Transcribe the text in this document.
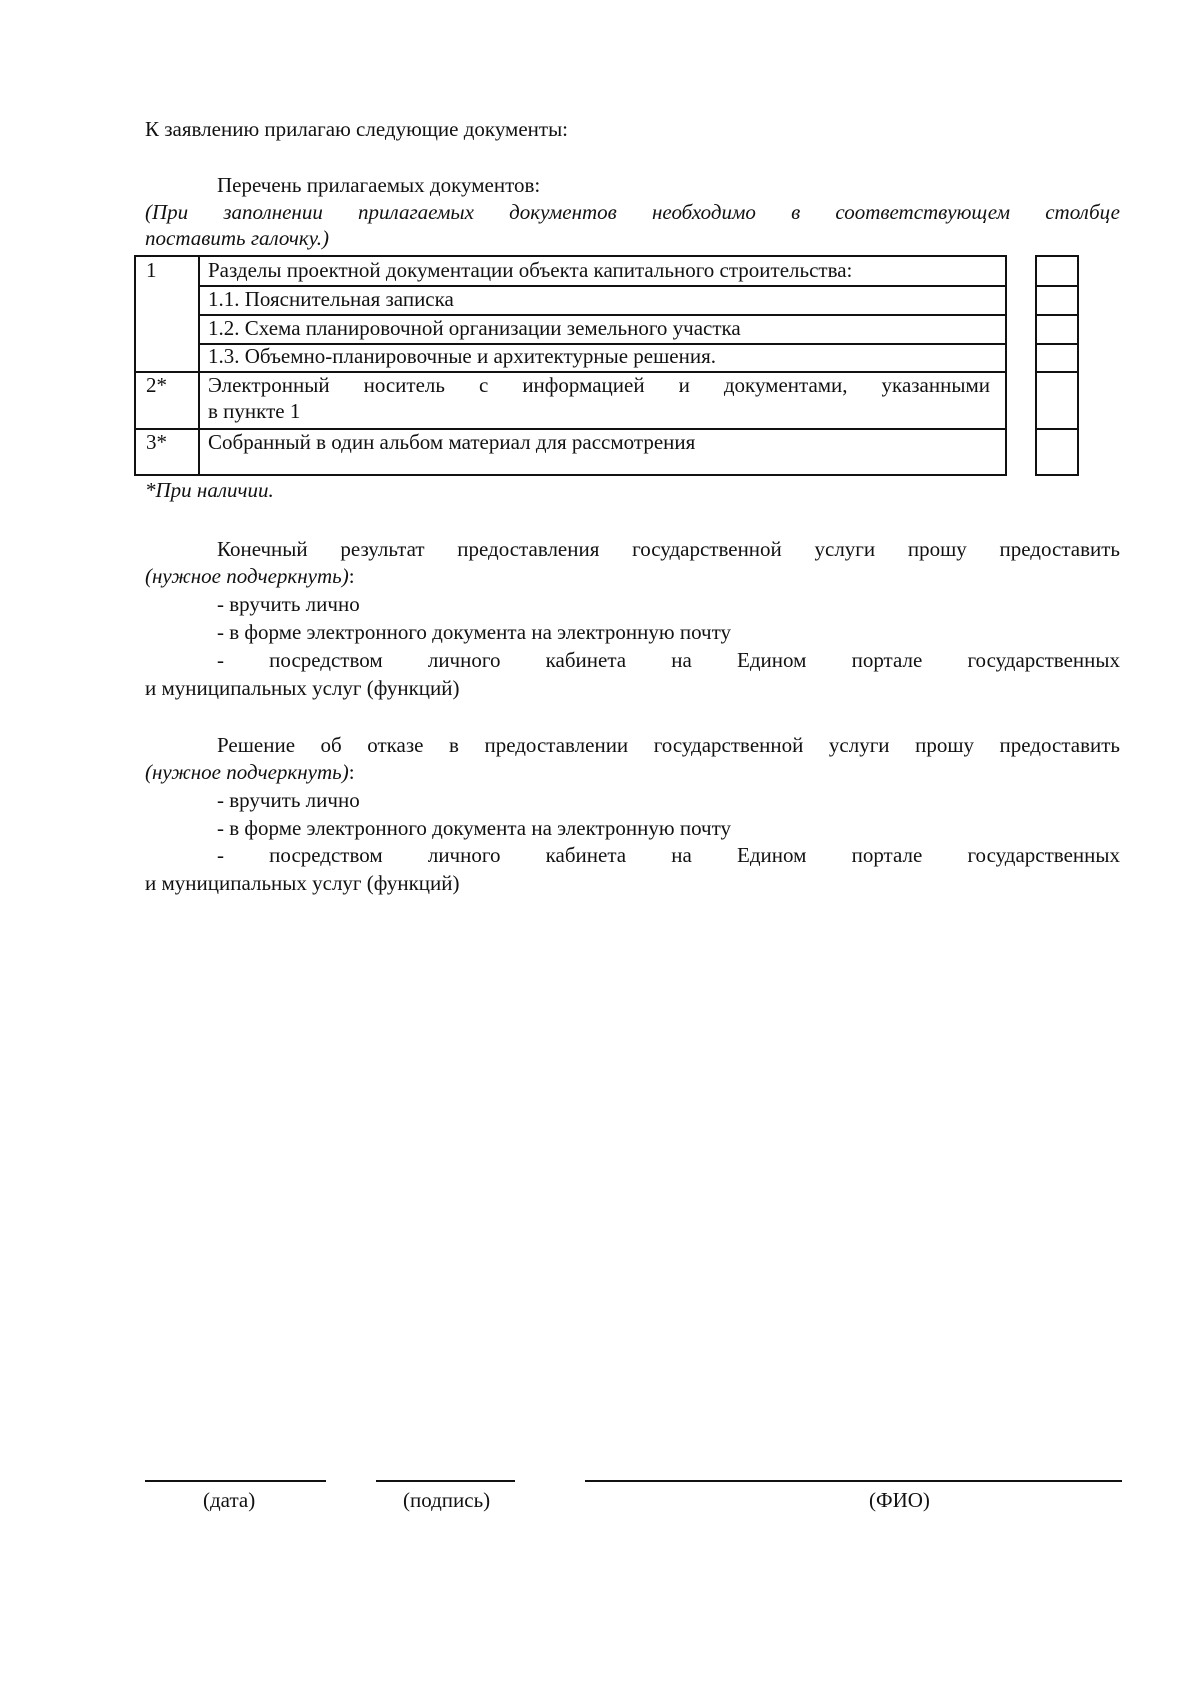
К заявлению прилагаю следующие документы:
Перечень прилагаемых документов:
(При заполнении прилагаемых документов необходимо в соответствующем столбце
поставить галочку.)
1 Разделы проектной документации объекта капитального строительства:
1.1. Пояснительная записка
1.2. Схема планировочной организации земельного участка
1.3. Объемно-планировочные и архитектурные решения.
2* Электронный носитель с информацией и документами, указанными
в пункте 1
3* Собранный в один альбом материал для рассмотрения
*При наличии.
Конечный результат предоставления государственной услуги прошу предоставить
(нужное подчеркнуть):
- вручить лично
- в форме электронного документа на электронную почту
- посредством личного кабинета на Едином портале государственных
и муниципальных услуг (функций)
Решение об отказе в предоставлении государственной услуги прошу предоставить
(нужное подчеркнуть):
- вручить лично
- в форме электронного документа на электронную почту
- посредством личного кабинета на Едином портале государственных
и муниципальных услуг (функций)
(дата)	(подпись)	(ФИО)
